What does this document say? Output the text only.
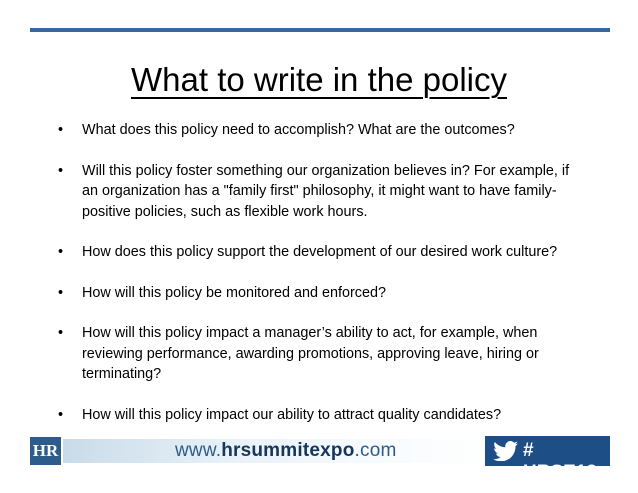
What to write in the policy
• What does this policy need to accomplish? What are the outcomes?
• Will this policy foster something our organization believes in? For example, if an organization has a "family first" philosophy, it might want to have family-positive policies, such as flexible work hours.
• How does this policy support the development of our desired work culture?
• How will this policy be monitored and enforced?
• How will this policy impact a manager’s ability to act, for example, when reviewing performance, awarding promotions, approving leave, hiring or terminating?
• How will this policy impact our ability to attract quality candidates?
HR	www.hrsummitexpo.com	# HRSE13
